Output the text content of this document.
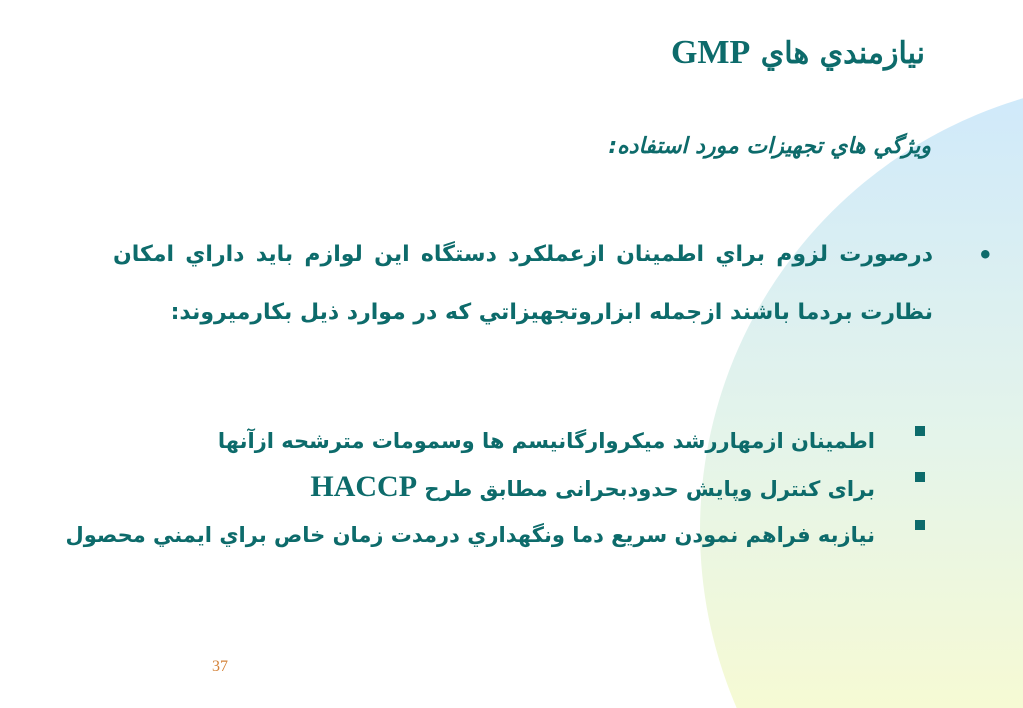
نيازمندي هاي GMP
ويژگي هاي تجهيزات مورد استفاده:
•
درصورت لزوم براي اطمينان ازعملكرد دستگاه اين لوازم بايد داراي امكان نظارت بردما باشند ازجمله ابزاروتجهيزاتي كه در موارد ذيل بكارميروند:
اطمينان ازمهاررشد ميكروارگانيسم ها وسمومات مترشحه ازآنها
برای کنترل وپايش حدودبحرانی مطابق طرح HACCP
نيازبه فراهم نمودن سريع دما ونگهداري درمدت زمان خاص براي ايمني محصول
37
